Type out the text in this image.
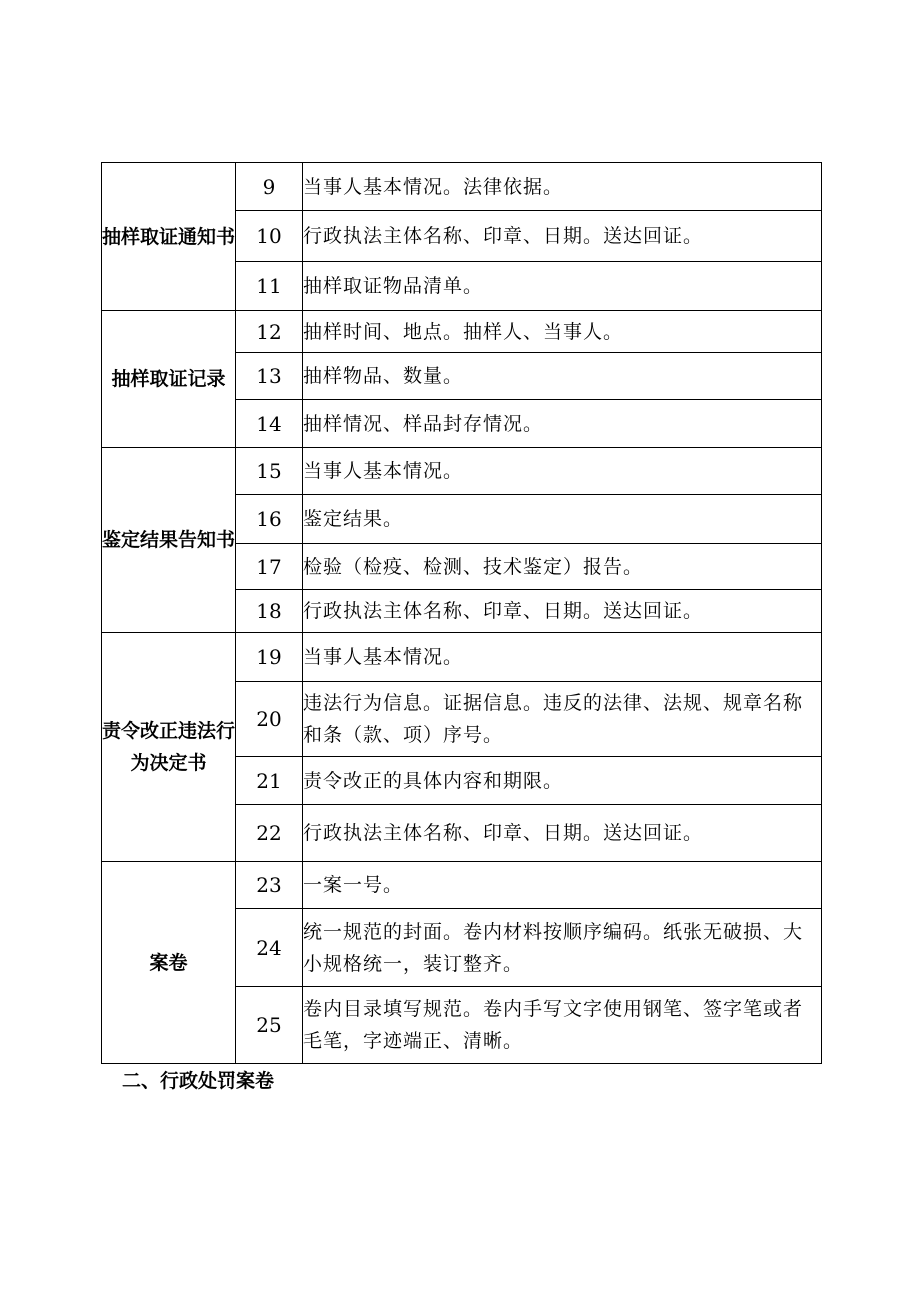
抽样取证通知书	9	当事人基本情况。法律依据。
	10	行政执法主体名称、印章、日期。送达回证。
	11	抽样取证物品清单。
抽样取证记录	12	抽样时间、地点。抽样人、当事人。
	13	抽样物品、数量。
	14	抽样情况、样品封存情况。
鉴定结果告知书	15	当事人基本情况。
	16	鉴定结果。
	17	检验（检疫、检测、技术鉴定）报告。
	18	行政执法主体名称、印章、日期。送达回证。
责令改正违法行为决定书	19	当事人基本情况。
	20	违法行为信息。证据信息。违反的法律、法规、规章名称和条（款、项）序号。
	21	责令改正的具体内容和期限。
	22	行政执法主体名称、印章、日期。送达回证。
案卷	23	一案一号。
	24	统一规范的封面。卷内材料按顺序编码。纸张无破损、大小规格统一，装订整齐。
	25	卷内目录填写规范。卷内手写文字使用钢笔、签字笔或者毛笔，字迹端正、清晰。
二、行政处罚案卷
